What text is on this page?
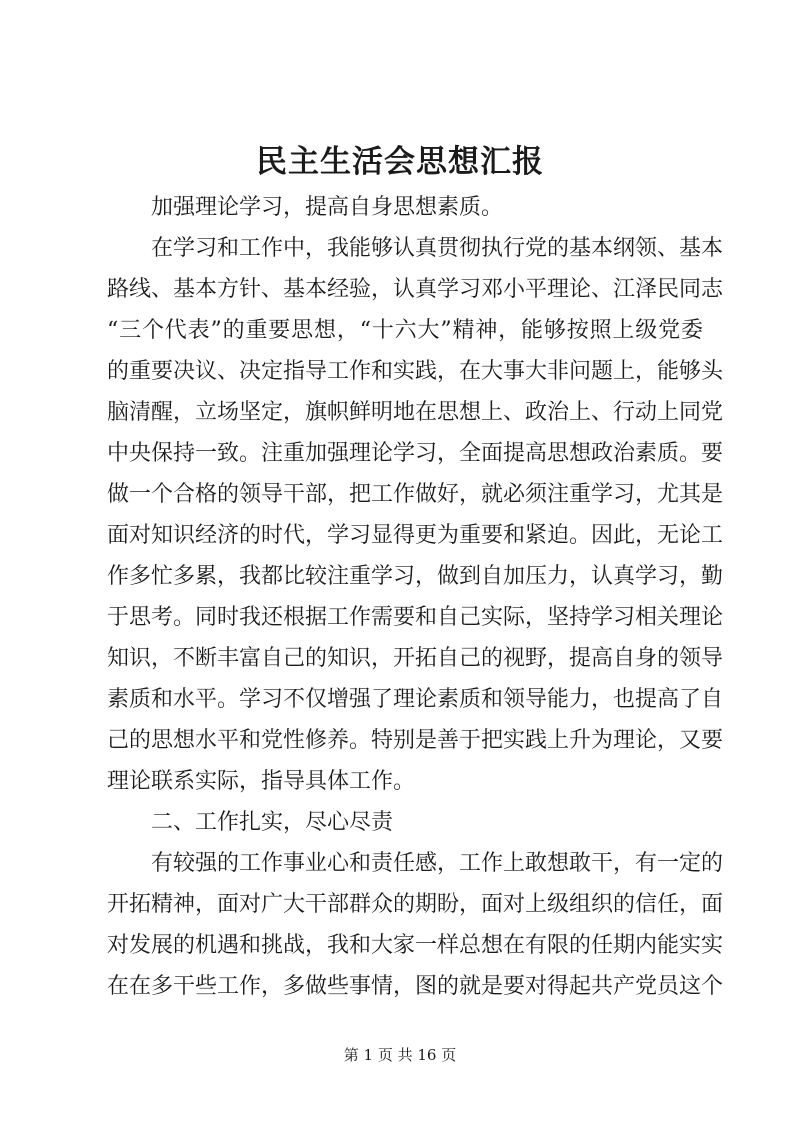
民主生活会思想汇报
加强理论学习，提高自身思想素质。
在学习和工作中，我能够认真贯彻执行党的基本纲领、基本
路线、基本方针、基本经验，认真学习邓小平理论、江泽民同志
“三个代表”的重要思想，“十六大”精神，能够按照上级党委
的重要决议、决定指导工作和实践，在大事大非问题上，能够头
脑清醒，立场坚定，旗帜鲜明地在思想上、政治上、行动上同党
中央保持一致。注重加强理论学习，全面提高思想政治素质。要
做一个合格的领导干部，把工作做好，就必须注重学习，尤其是
面对知识经济的时代，学习显得更为重要和紧迫。因此，无论工
作多忙多累，我都比较注重学习，做到自加压力，认真学习，勤
于思考。同时我还根据工作需要和自己实际，坚持学习相关理论
知识，不断丰富自己的知识，开拓自己的视野，提高自身的领导
素质和水平。学习不仅增强了理论素质和领导能力，也提高了自
己的思想水平和党性修养。特别是善于把实践上升为理论，又要
理论联系实际，指导具体工作。
二、工作扎实，尽心尽责
有较强的工作事业心和责任感，工作上敢想敢干，有一定的
开拓精神，面对广大干部群众的期盼，面对上级组织的信任，面
对发展的机遇和挑战，我和大家一样总想在有限的任期内能实实
在在多干些工作，多做些事情，图的就是要对得起共产党员这个
第 1 页 共 16 页
